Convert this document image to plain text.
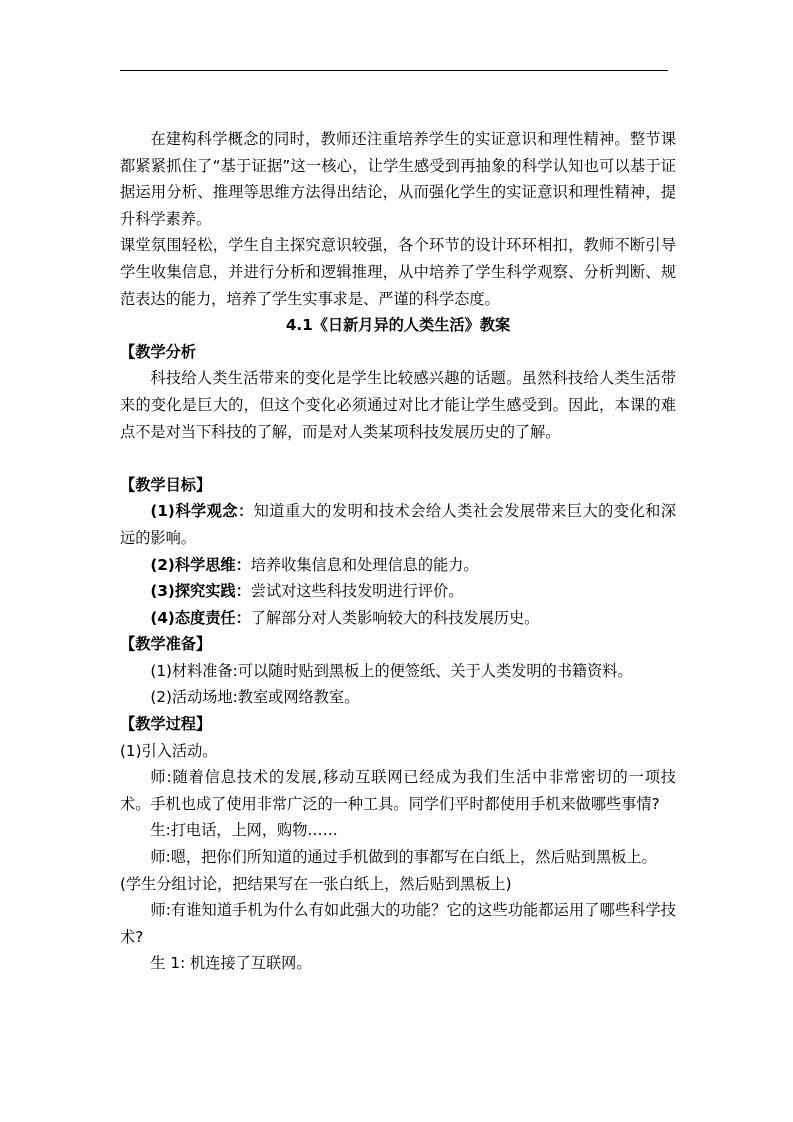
在建构科学概念的同时，教师还注重培养学生的实证意识和理性精神。整节课都紧紧抓住了“基于证据”这一核心，让学生感受到再抽象的科学认知也可以基于证据运用分析、推理等思维方法得出结论，从而强化学生的实证意识和理性精神，提升科学素养。

课堂氛围轻松，学生自主探究意识较强，各个环节的设计环环相扣，教师不断引导学生收集信息，并进行分析和逻辑推理，从中培养了学生科学观察、分析判断、规范表达的能力，培养了学生实事求是、严谨的科学态度。

4.1《日新月异的人类生活》教案

【教学分析

科技给人类生活带来的变化是学生比较感兴趣的话题。虽然科技给人类生活带来的变化是巨大的，但这个变化必须通过对比才能让学生感受到。因此，本课的难点不是对当下科技的了解，而是对人类某项科技发展历史的了解。

【教学目标】

(1)科学观念：知道重大的发明和技术会给人类社会发展带来巨大的变化和深远的影响。

(2)科学思维：培养收集信息和处理信息的能力。

(3)探究实践：尝试对这些科技发明进行评价。

(4)态度责任：了解部分对人类影响较大的科技发展历史。

【教学准备】

(1)材料准备:可以随时贴到黑板上的便签纸、关于人类发明的书籍资料。

(2)活动场地:教室或网络教室。

【教学过程】

(1)引入活动。

师:随着信息技术的发展,移动互联网已经成为我们生活中非常密切的一项技术。手机也成了使用非常广泛的一种工具。同学们平时都使用手机来做哪些事情?

生:打电话，上网，购物……

师:嗯，把你们所知道的通过手机做到的事都写在白纸上，然后贴到黑板上。

(学生分组讨论，把结果写在一张白纸上，然后贴到黑板上)

师:有谁知道手机为什么有如此强大的功能？它的这些功能都运用了哪些科学技术?

生 1: 机连接了互联网。
